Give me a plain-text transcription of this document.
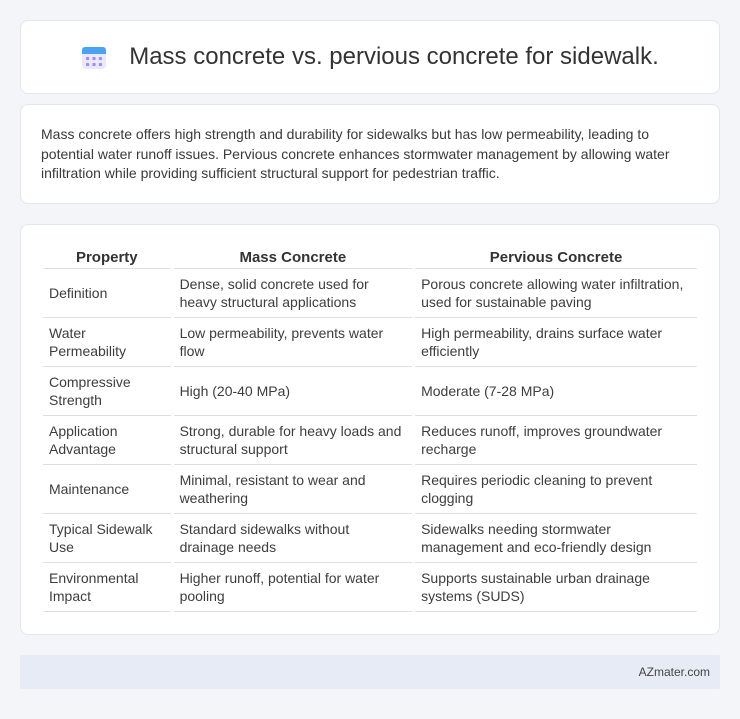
Mass concrete vs. pervious concrete for sidewalk.

Mass concrete offers high strength and durability for sidewalks but has low permeability, leading to potential water runoff issues. Pervious concrete enhances stormwater management by allowing water infiltration while providing sufficient structural support for pedestrian traffic.

Property	Mass Concrete	Pervious Concrete
Definition	Dense, solid concrete used for heavy structural applications	Porous concrete allowing water infiltration, used for sustainable paving
Water Permeability	Low permeability, prevents water flow	High permeability, drains surface water efficiently
Compressive Strength	High (20-40 MPa)	Moderate (7-28 MPa)
Application Advantage	Strong, durable for heavy loads and structural support	Reduces runoff, improves groundwater recharge
Maintenance	Minimal, resistant to wear and weathering	Requires periodic cleaning to prevent clogging
Typical Sidewalk Use	Standard sidewalks without drainage needs	Sidewalks needing stormwater management and eco-friendly design
Environmental Impact	Higher runoff, potential for water pooling	Supports sustainable urban drainage systems (SUDS)
AZmater.com
